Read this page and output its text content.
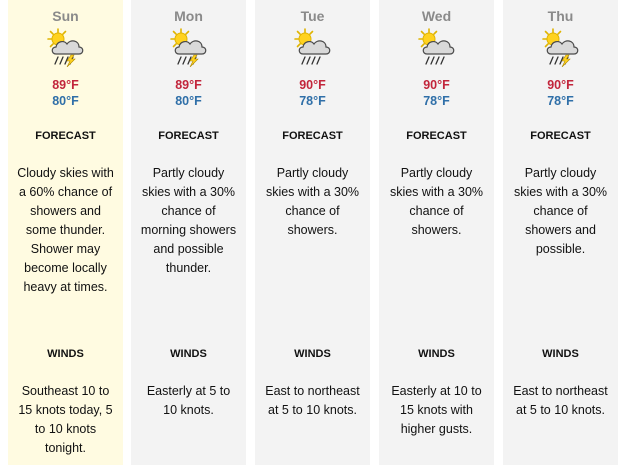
Sun
89°F
80°F
FORECAST
Cloudy skies with a 60% chance of showers and some thunder. Shower may become locally heavy at times.
WINDS
Southeast 10 to 15 knots today, 5 to 10 knots tonight.
Mon
89°F
80°F
FORECAST
Partly cloudy skies with a 30% chance of morning showers and possible thunder.
WINDS
Easterly at 5 to 10 knots.
Tue
90°F
78°F
FORECAST
Partly cloudy skies with a 30% chance of showers.
WINDS
East to northeast at 5 to 10 knots.
Wed
90°F
78°F
FORECAST
Partly cloudy skies with a 30% chance of showers.
WINDS
Easterly at 10 to 15 knots with higher gusts.
Thu
90°F
78°F
FORECAST
Partly cloudy skies with a 30% chance of showers and possible.
WINDS
East to northeast at 5 to 10 knots.
